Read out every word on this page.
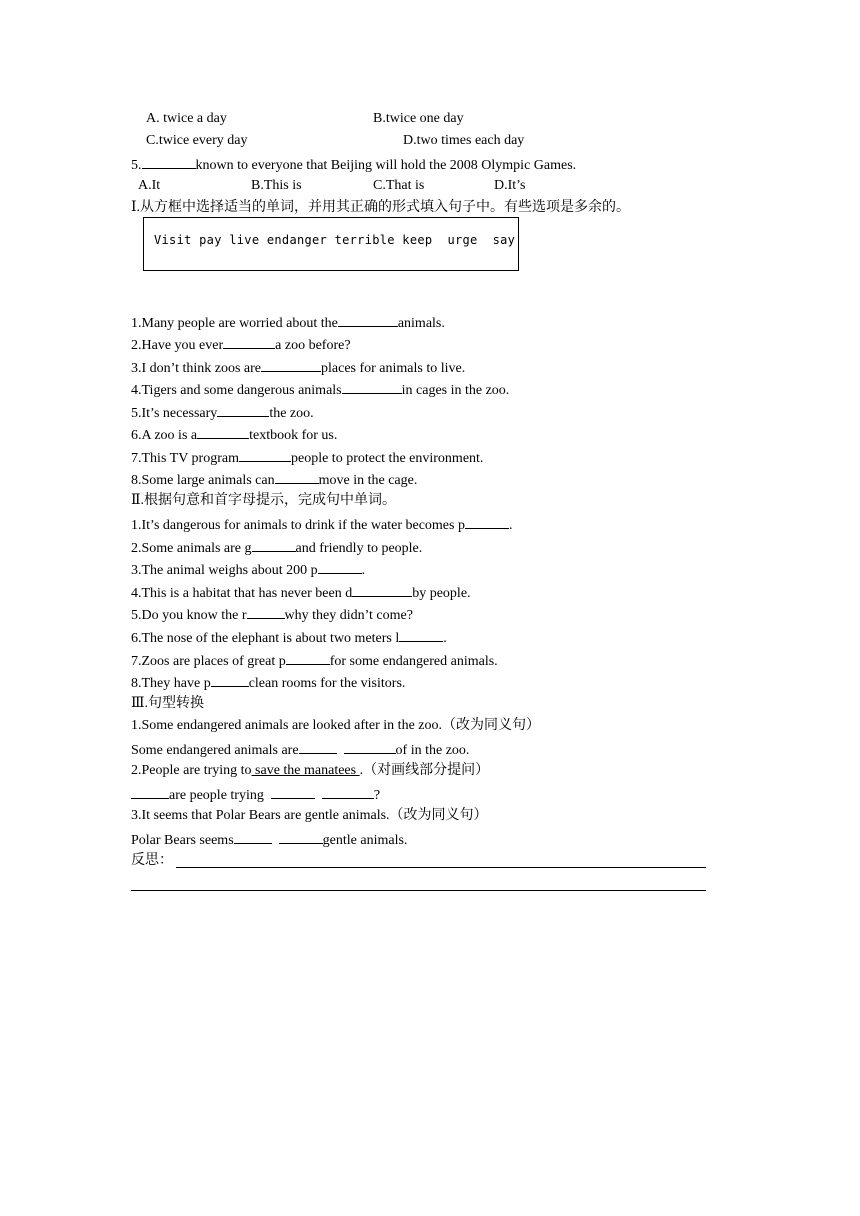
A. twice a day	B.twice one day
C.twice every day	D.two times each day
5.	known to everyone that Beijing will hold the 2008 Olympic Games.
A.It	B.This is	C.That is	D.It’s
Ⅰ.从方框中选择适当的单词，并用其正确的形式填入句子中。有些选项是多余的。
Visit pay live endanger terrible keep  urge  say
1.Many people are worried about the	animals.
2.Have you ever	a zoo before?
3.I don’t think zoos are	places for animals to live.
4.Tigers and some dangerous animals	in cages in the zoo.
5.It’s necessary	the zoo.
6.A zoo is a	textbook for us.
7.This TV program	people to protect the environment.
8.Some large animals can	move in the cage.
Ⅱ.根据句意和首字母提示，完成句中单词。
1.It’s dangerous for animals to drink if the water becomes p	.
2.Some animals are g	and friendly to people.
3.The animal weighs about 200 p	.
4.This is a habitat that has never been d	by people.
5.Do you know the r	why they didn’t come?
6.The nose of the elephant is about two meters l	.
7.Zoos are places of great p	for some endangered animals.
8.They have p	clean rooms for the visitors.
Ⅲ.句型转换
1.Some endangered animals are looked after in the zoo.（改为同义句）
Some endangered animals are	of in the zoo.
2.People are trying to save the manatees .（对画线部分提问）
are people trying	?
3.It seems that Polar Bears are gentle animals.（改为同义句）
Polar Bears seems	gentle animals.
反思：
